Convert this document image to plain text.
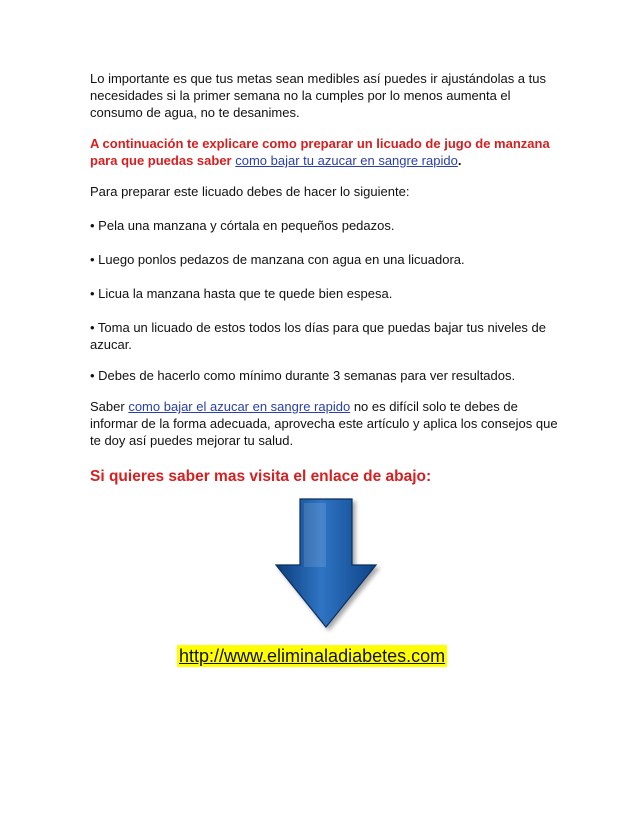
Lo importante es que tus metas sean medibles así puedes ir ajustándolas a tus necesidades si la primer semana no la cumples por lo menos aumenta el consumo de agua, no te desanimes.

A continuación te explicare como preparar un licuado de jugo de manzana para que puedas saber como bajar tu azucar en sangre rapido.

Para preparar este licuado debes de hacer lo siguiente:

• Pela una manzana y córtala en pequeños pedazos.

• Luego ponlos pedazos de manzana con agua en una licuadora.

• Licua la manzana hasta que te quede bien espesa.

• Toma un licuado de estos todos los días para que puedas bajar tus niveles de azucar.

• Debes de hacerlo como mínimo durante 3 semanas para ver resultados.

Saber como bajar el azucar en sangre rapido no es difícil solo te debes de informar de la forma adecuada, aprovecha este artículo y aplica los consejos que te doy así puedes mejorar tu salud.

Si quieres saber mas visita el enlace de abajo:

http://www.eliminaladiabetes.com
